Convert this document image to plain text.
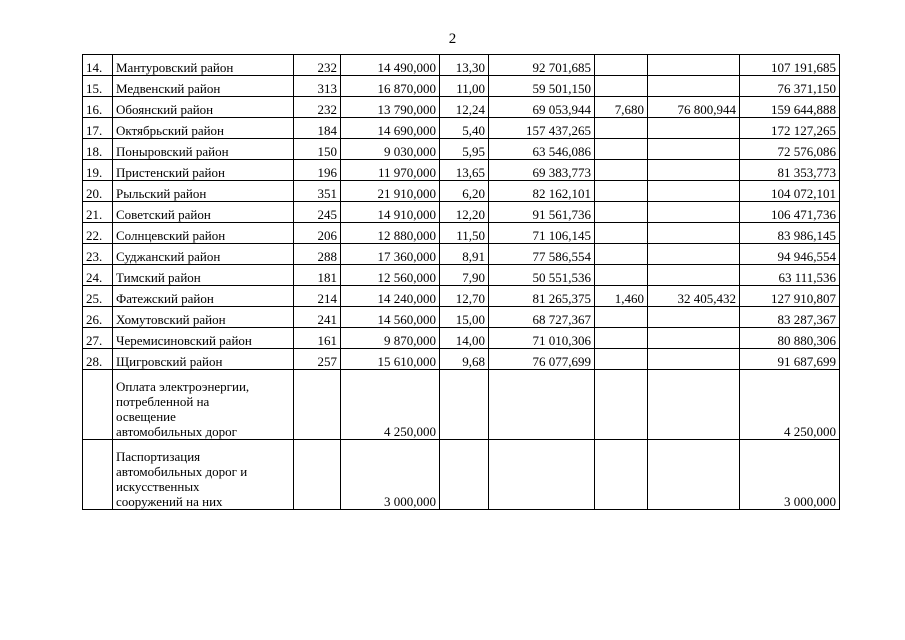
2
14.	Мантуровский район	232	14 490,000	13,30	92 701,685			107 191,685
15.	Медвенский район	313	16 870,000	11,00	59 501,150			76 371,150
16.	Обоянский район	232	13 790,000	12,24	69 053,944	7,680	76 800,944	159 644,888
17.	Октябрьский район	184	14 690,000	5,40	157 437,265			172 127,265
18.	Поныровский район	150	9 030,000	5,95	63 546,086			72 576,086
19.	Пристенский район	196	11 970,000	13,65	69 383,773			81 353,773
20.	Рыльский район	351	21 910,000	6,20	82 162,101			104 072,101
21.	Советский район	245	14 910,000	12,20	91 561,736			106 471,736
22.	Солнцевский район	206	12 880,000	11,50	71 106,145			83 986,145
23.	Суджанский район	288	17 360,000	8,91	77 586,554			94 946,554
24.	Тимский район	181	12 560,000	7,90	50 551,536			63 111,536
25.	Фатежский район	214	14 240,000	12,70	81 265,375	1,460	32 405,432	127 910,807
26.	Хомутовский район	241	14 560,000	15,00	68 727,367			83 287,367
27.	Черемисиновский район	161	9 870,000	14,00	71 010,306			80 880,306
28.	Щигровский район	257	15 610,000	9,68	76 077,699			91 687,699

	Оплата электроэнергии,
потребленной на
освещение
автомобильных дорог		4 250,000					4 250,000

	Паспортизация
автомобильных дорог и
искусственных
сооружений на них		3 000,000					3 000,000
